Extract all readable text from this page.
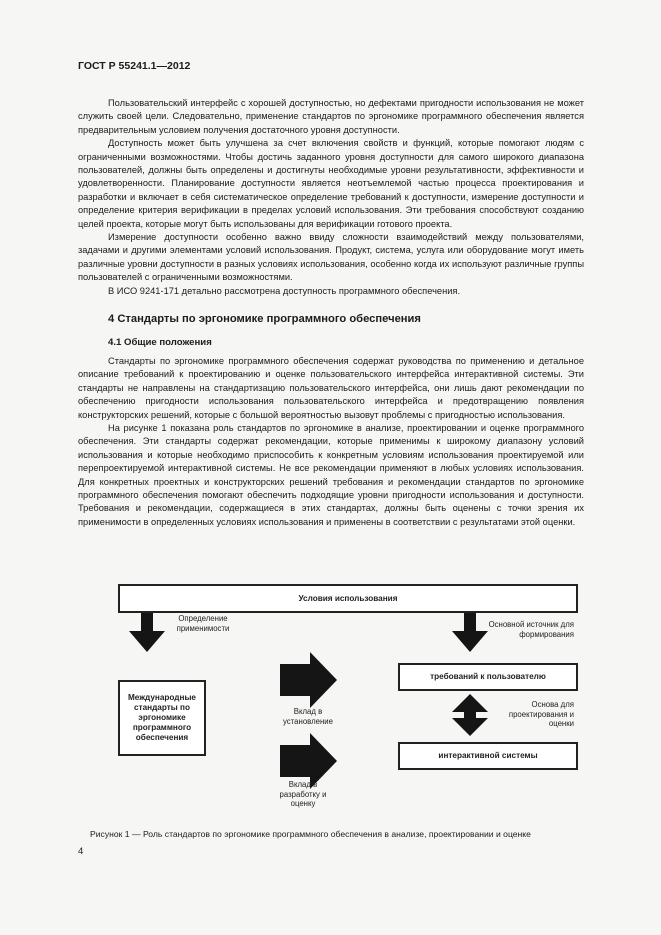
ГОСТ Р 55241.1—2012

Пользовательский интерфейс с хорошей доступностью, но дефектами пригодности использования не может служить своей цели. Следовательно, применение стандартов по эргономике программного обеспечения является предварительным условием получения достаточного уровня доступности.

Доступность может быть улучшена за счет включения свойств и функций, которые помогают людям с ограниченными возможностями. Чтобы достичь заданного уровня доступности для самого широкого диапазона пользователей, должны быть определены и достигнуты необходимые уровни результативности, эффективности и удовлетворенности. Планирование доступности является неотъемлемой частью процесса проектирования и разработки и включает в себя систематическое определение требований к доступности, измерение доступности и определение критерия верификации в пределах условий использования. Эти требования способствуют созданию целей проекта, которые могут быть использованы для верификации готового проекта.

Измерение доступности особенно важно ввиду сложности взаимодействий между пользователями, задачами и другими элементами условий использования. Продукт, система, услуга или оборудование могут иметь различные уровни доступности в разных условиях использования, особенно когда их используют различные группы пользователей с ограниченными возможностями.

В ИСО 9241-171 детально рассмотрена доступность программного обеспечения.

4 Стандарты по эргономике программного обеспечения
4.1 Общие положения

Стандарты по эргономике программного обеспечения содержат руководства по применению и детальное описание требований к проектированию и оценке пользовательского интерфейса интерактивной системы. Эти стандарты не направлены на стандартизацию пользовательского интерфейса, они лишь дают рекомендации по обеспечению пригодности использования пользовательского интерфейса и предотвращению появления конструкторских решений, которые с большой вероятностью вызовут проблемы с пригодностью использования.

На рисунке 1 показана роль стандартов по эргономике в анализе, проектировании и оценке программного обеспечения. Эти стандарты содержат рекомендации, которые применимы к широкому диапазону условий использования и которые необходимо приспособить к конкретным условиям использования проектируемой или перепроектируемой интерактивной системы. Не все рекомендации применяют в любых условиях использования. Для конкретных проектных и конструкторских решений требования и рекомендации стандартов по эргономике программного обеспечения помогают обеспечить подходящие уровни пригодности использования и доступности. Требования и рекомендации, содержащиеся в этих стандартах, должны быть оценены с точки зрения их применимости в определенных условиях использования и применены в соответствии с результатами этой оценки.

Условия использования
Определение применимости	Основной источник для формирования
Международные стандарты по эргономике программного обеспечения
Вклад в установление
требований к пользователю
Основа для проектирования и оценки
интерактивной системы
Вклад в разработку и оценку
Рисунок 1 — Роль стандартов по эргономике программного обеспечения в анализе, проектировании и оценке
4
